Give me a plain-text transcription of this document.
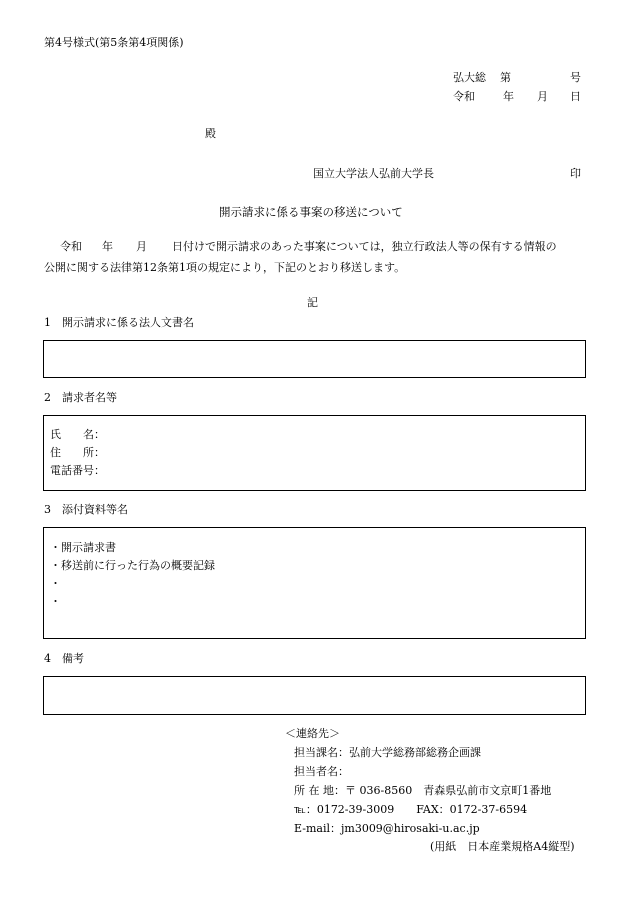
第4号様式(第5条第4項関係)
弘大総 第	号
令和	年 月 日
殿
国立大学法人弘前大学長	印
開示請求に係る事案の移送について
令和 年 月 日付けで開示請求のあった事案については，独立行政法人等の保有する情報の
公開に関する法律第12条第1項の規定により，下記のとおり移送します。
記
1 開示請求に係る法人文書名
2 請求者名等
氏　　名：
住　　所：
電話番号：
3 添付資料等名
・開示請求書
・移送前に行った行為の概要記録
・
・
4 備考
＜連絡先＞
担当課名：弘前大学総務部総務企画課
担当者名：
所 在 地：〒 036-8560　青森県弘前市文京町1番地
℡：0172-39-3009　　FAX：0172-37-6594
E-mail：jm3009@hirosaki-u.ac.jp
(用紙　日本産業規格A4縦型)
